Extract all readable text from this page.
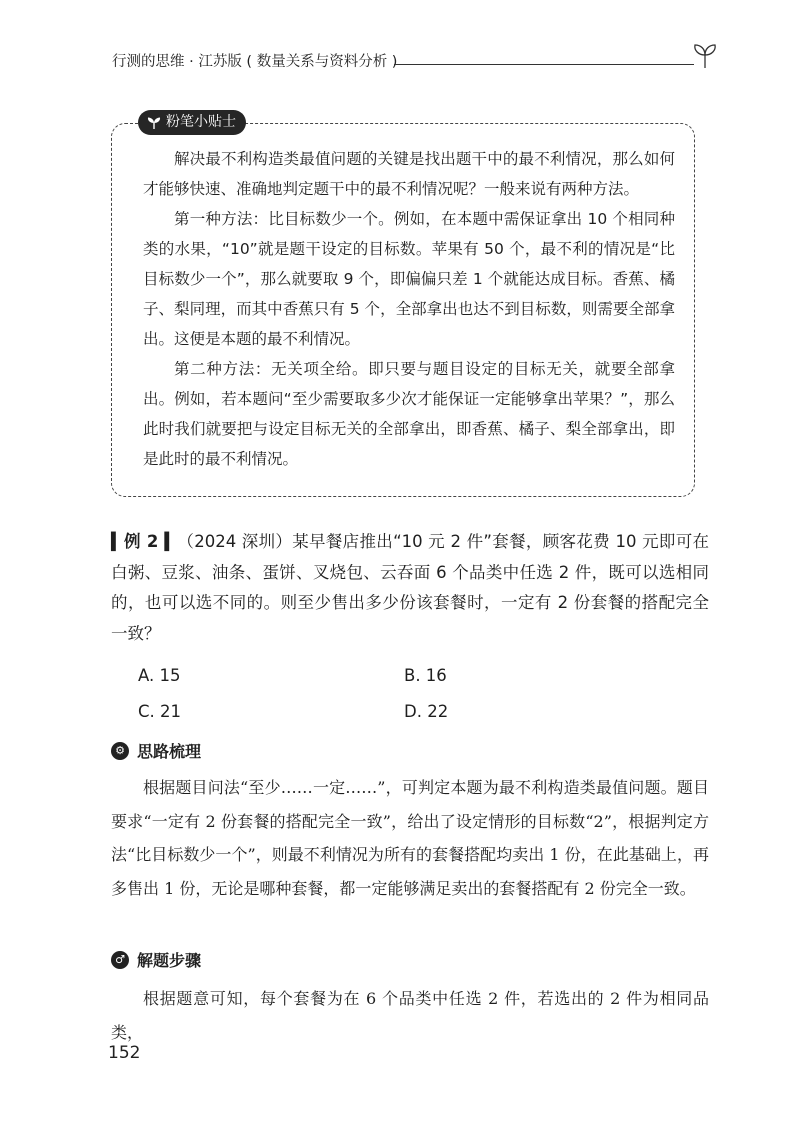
行测的思维 · 江苏版 ( 数量关系与资料分析 )
粉笔小贴士

解决最不利构造类最值问题的关键是找出题干中的最不利情况，那么如何才能够快速、准确地判定题干中的最不利情况呢？一般来说有两种方法。

第一种方法：比目标数少一个。例如，在本题中需保证拿出 10 个相同种类的水果，“10”就是题干设定的目标数。苹果有 50 个，最不利的情况是“比目标数少一个”，那么就要取 9 个，即偏偏只差 1 个就能达成目标。香蕉、橘子、梨同理，而其中香蕉只有 5 个，全部拿出也达不到目标数，则需要全部拿出。这便是本题的最不利情况。

第二种方法：无关项全给。即只要与题目设定的目标无关，就要全部拿出。例如，若本题问“至少需要取多少次才能保证一定能够拿出苹果？”，那么此时我们就要把与设定目标无关的全部拿出，即香蕉、橘子、梨全部拿出，即是此时的最不利情况。

▍例 2 ▍（2024 深圳）某早餐店推出“10 元 2 件”套餐，顾客花费 10 元即可在白粥、豆浆、油条、蛋饼、叉烧包、云吞面 6 个品类中任选 2 件，既可以选相同的，也可以选不同的。则至少售出多少份该套餐时，一定有 2 份套餐的搭配完全一致？

A. 15	B. 16
C. 21	D. 22
⚙ 思路梳理

根据题目问法“至少……一定……”，可判定本题为最不利构造类最值问题。题目要求“一定有 2 份套餐的搭配完全一致”，给出了设定情形的目标数“2”，根据判定方法“比目标数少一个”，则最不利情况为所有的套餐搭配均卖出 1 份，在此基础上，再多售出 1 份，无论是哪种套餐，都一定能够满足卖出的套餐搭配有 2 份完全一致。

♂ 解题步骤

根据题意可知，每个套餐为在 6 个品类中任选 2 件，若选出的 2 件为相同品类，

152
